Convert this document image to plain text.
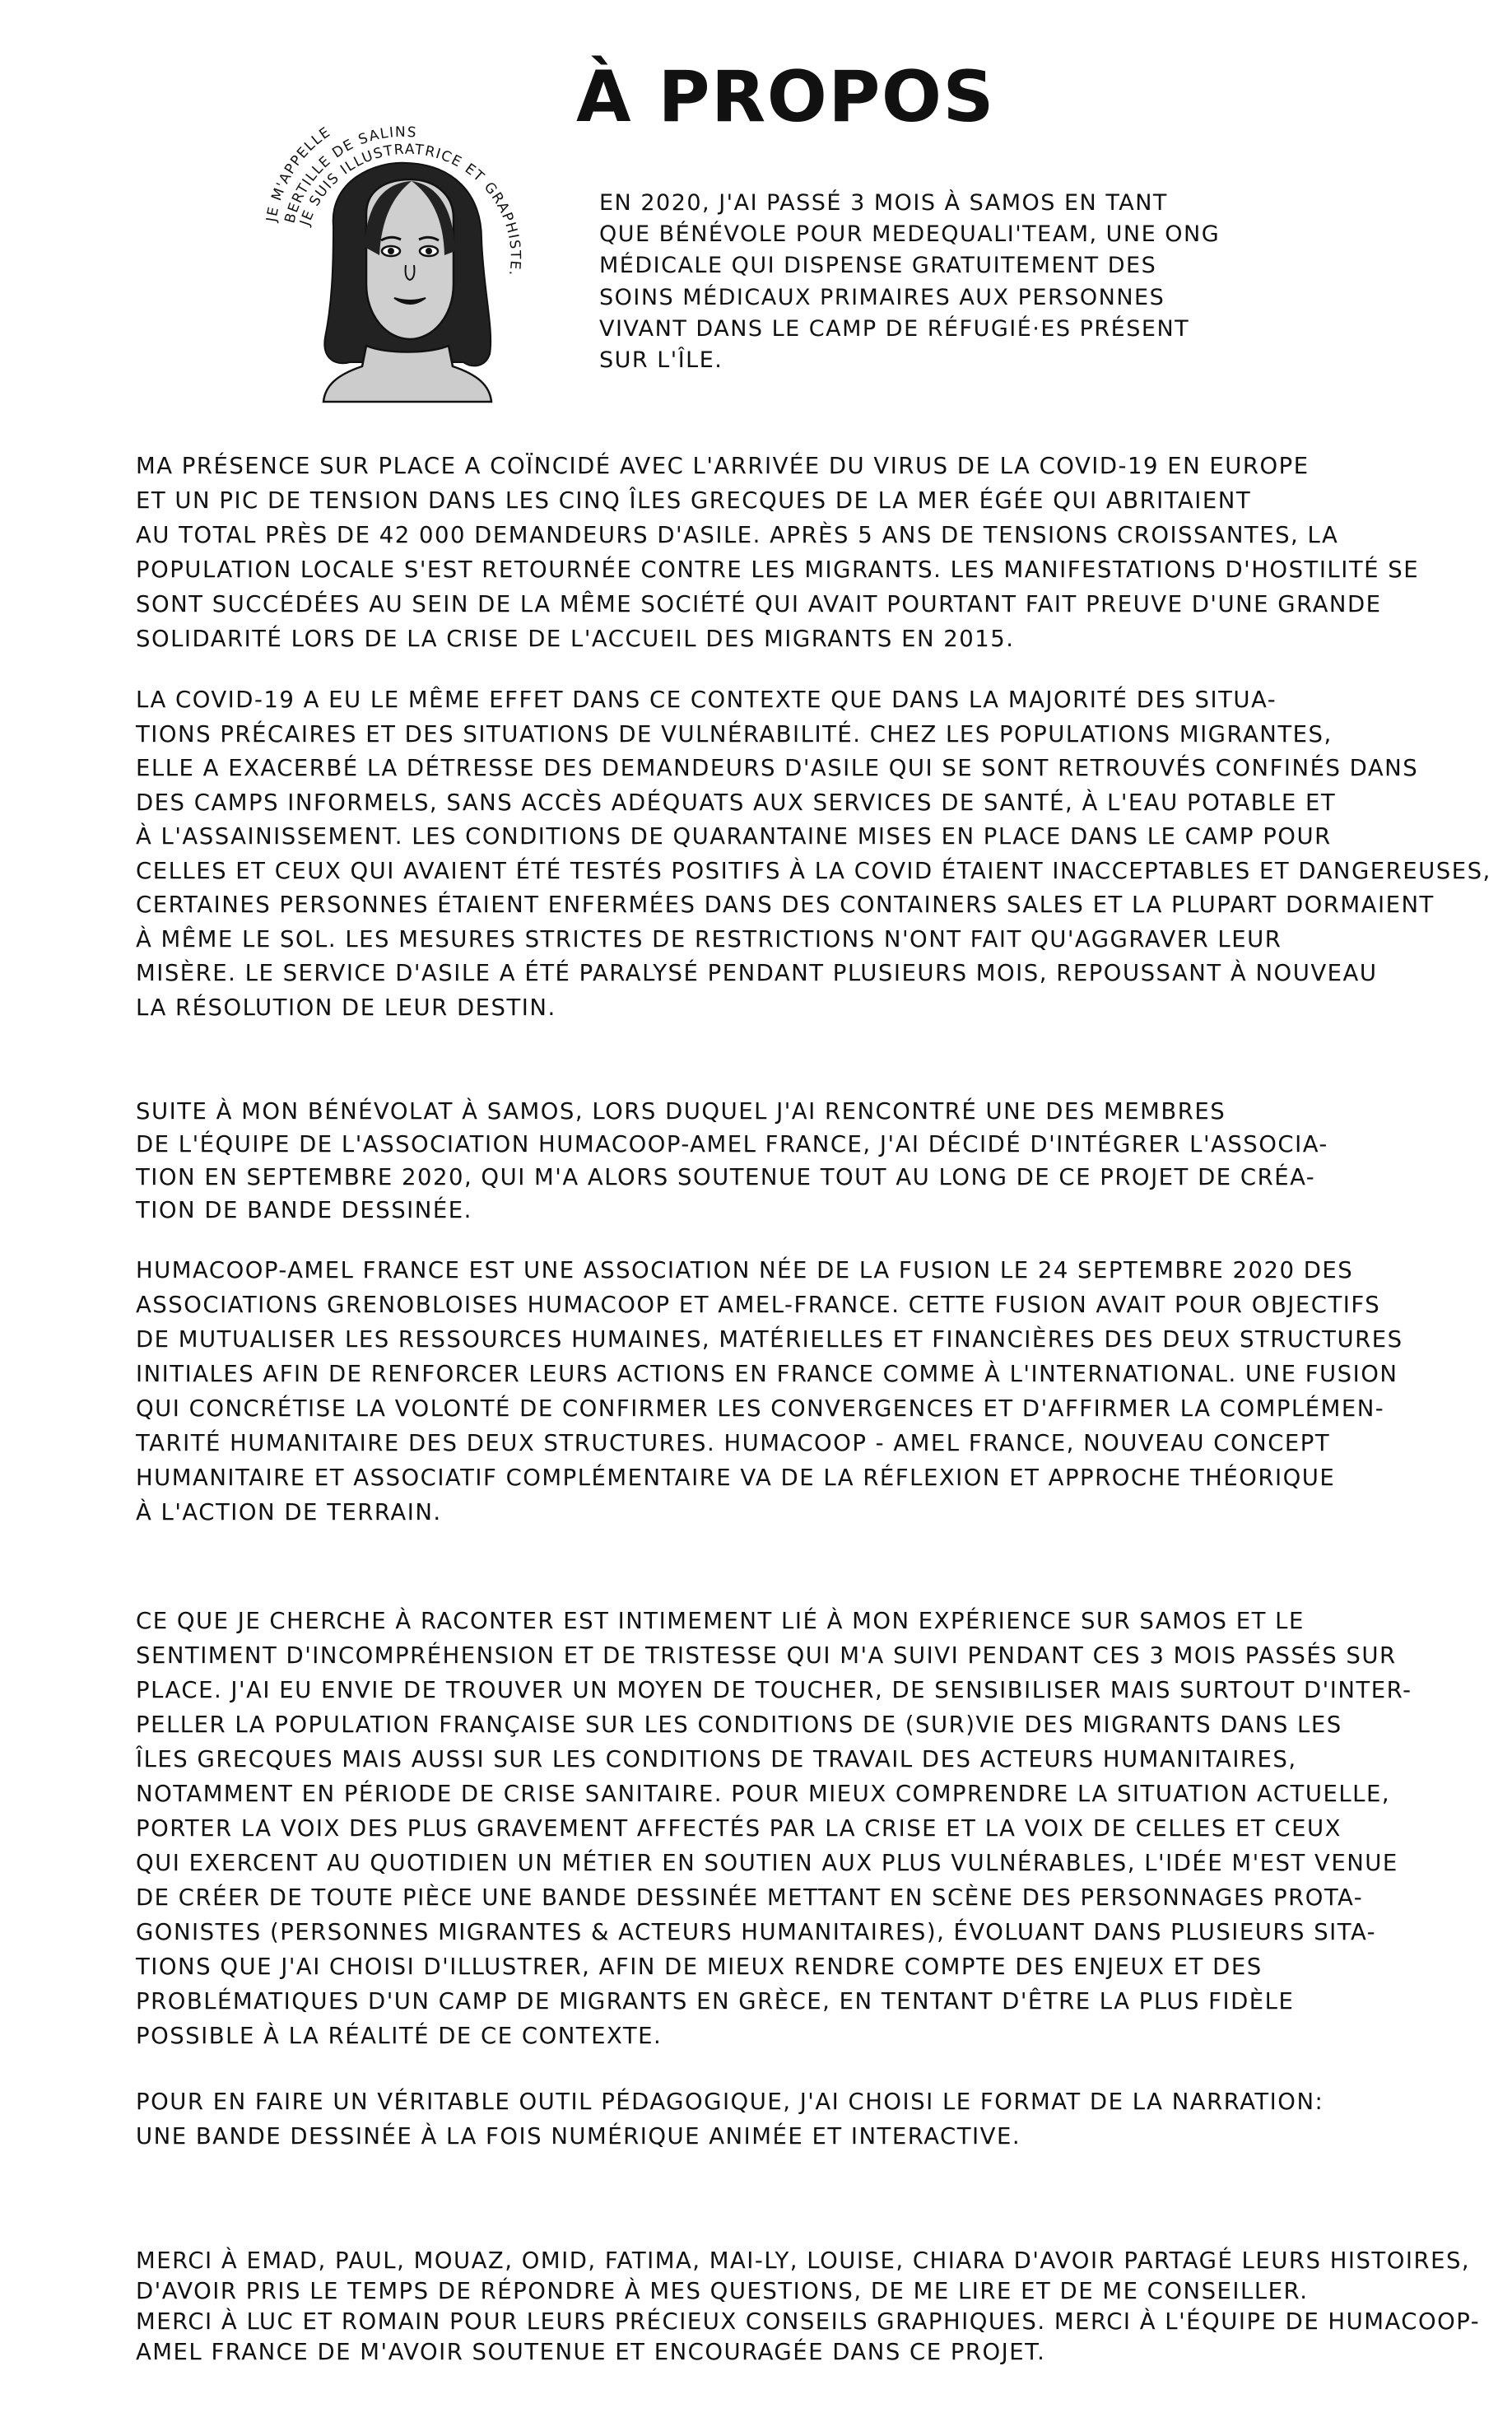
À PROPOS
JE M'APPELLE
BERTILLE DE SALINS
JE SUIS ILLUSTRATRICE ET GRAPHISTE.

EN 2020, J'AI PASSÉ 3 MOIS À SAMOS EN TANT
QUE BÉNÉVOLE POUR MEDEQUALI'TEAM, UNE ONG
MÉDICALE QUI DISPENSE GRATUITEMENT DES
SOINS MÉDICAUX PRIMAIRES AUX PERSONNES
VIVANT DANS LE CAMP DE RÉFUGIÉ·ES PRÉSENT
SUR L'ÎLE.

MA PRÉSENCE SUR PLACE A COÏNCIDÉ AVEC L'ARRIVÉE DU VIRUS DE LA COVID-19 EN EUROPE
ET UN PIC DE TENSION DANS LES CINQ ÎLES GRECQUES DE LA MER ÉGÉE QUI ABRITAIENT
AU TOTAL PRÈS DE 42 000 DEMANDEURS D'ASILE. APRÈS 5 ANS DE TENSIONS CROISSANTES, LA
POPULATION LOCALE S'EST RETOURNÉE CONTRE LES MIGRANTS. LES MANIFESTATIONS D'HOSTILITÉ SE
SONT SUCCÉDÉES AU SEIN DE LA MÊME SOCIÉTÉ QUI AVAIT POURTANT FAIT PREUVE D'UNE GRANDE
SOLIDARITÉ LORS DE LA CRISE DE L'ACCUEIL DES MIGRANTS EN 2015.

LA COVID-19 A EU LE MÊME EFFET DANS CE CONTEXTE QUE DANS LA MAJORITÉ DES SITUA-
TIONS PRÉCAIRES ET DES SITUATIONS DE VULNÉRABILITÉ. CHEZ LES POPULATIONS MIGRANTES,
ELLE A EXACERBÉ LA DÉTRESSE DES DEMANDEURS D'ASILE QUI SE SONT RETROUVÉS CONFINÉS DANS
DES CAMPS INFORMELS, SANS ACCÈS ADÉQUATS AUX SERVICES DE SANTÉ, À L'EAU POTABLE ET
À L'ASSAINISSEMENT. LES CONDITIONS DE QUARANTAINE MISES EN PLACE DANS LE CAMP POUR
CELLES ET CEUX QUI AVAIENT ÉTÉ TESTÉS POSITIFS À LA COVID ÉTAIENT INACCEPTABLES ET DANGEREUSES,
CERTAINES PERSONNES ÉTAIENT ENFERMÉES DANS DES CONTAINERS SALES ET LA PLUPART DORMAIENT
À MÊME LE SOL. LES MESURES STRICTES DE RESTRICTIONS N'ONT FAIT QU'AGGRAVER LEUR
MISÈRE. LE SERVICE D'ASILE A ÉTÉ PARALYSÉ PENDANT PLUSIEURS MOIS, REPOUSSANT À NOUVEAU
LA RÉSOLUTION DE LEUR DESTIN.

SUITE À MON BÉNÉVOLAT À SAMOS, LORS DUQUEL J'AI RENCONTRÉ UNE DES MEMBRES
DE L'ÉQUIPE DE L'ASSOCIATION HUMACOOP-AMEL FRANCE, J'AI DÉCIDÉ D'INTÉGRER L'ASSOCIA-
TION EN SEPTEMBRE 2020, QUI M'A ALORS SOUTENUE TOUT AU LONG DE CE PROJET DE CRÉA-
TION DE BANDE DESSINÉE.

HUMACOOP-AMEL FRANCE EST UNE ASSOCIATION NÉE DE LA FUSION LE 24 SEPTEMBRE 2020 DES
ASSOCIATIONS GRENOBLOISES HUMACOOP ET AMEL-FRANCE. CETTE FUSION AVAIT POUR OBJECTIFS
DE MUTUALISER LES RESSOURCES HUMAINES, MATÉRIELLES ET FINANCIÈRES DES DEUX STRUCTURES
INITIALES AFIN DE RENFORCER LEURS ACTIONS EN FRANCE COMME À L'INTERNATIONAL. UNE FUSION
QUI CONCRÉTISE LA VOLONTÉ DE CONFIRMER LES CONVERGENCES ET D'AFFIRMER LA COMPLÉMEN-
TARITÉ HUMANITAIRE DES DEUX STRUCTURES. HUMACOOP - AMEL FRANCE, NOUVEAU CONCEPT
HUMANITAIRE ET ASSOCIATIF COMPLÉMENTAIRE VA DE LA RÉFLEXION ET APPROCHE THÉORIQUE
À L'ACTION DE TERRAIN.

CE QUE JE CHERCHE À RACONTER EST INTIMEMENT LIÉ À MON EXPÉRIENCE SUR SAMOS ET LE
SENTIMENT D'INCOMPRÉHENSION ET DE TRISTESSE QUI M'A SUIVI PENDANT CES 3 MOIS PASSÉS SUR
PLACE. J'AI EU ENVIE DE TROUVER UN MOYEN DE TOUCHER, DE SENSIBILISER MAIS SURTOUT D'INTER-
PELLER LA POPULATION FRANÇAISE SUR LES CONDITIONS DE (SUR)VIE DES MIGRANTS DANS LES
ÎLES GRECQUES MAIS AUSSI SUR LES CONDITIONS DE TRAVAIL DES ACTEURS HUMANITAIRES,
NOTAMMENT EN PÉRIODE DE CRISE SANITAIRE. POUR MIEUX COMPRENDRE LA SITUATION ACTUELLE,
PORTER LA VOIX DES PLUS GRAVEMENT AFFECTÉS PAR LA CRISE ET LA VOIX DE CELLES ET CEUX
QUI EXERCENT AU QUOTIDIEN UN MÉTIER EN SOUTIEN AUX PLUS VULNÉRABLES, L'IDÉE M'EST VENUE
DE CRÉER DE TOUTE PIÈCE UNE BANDE DESSINÉE METTANT EN SCÈNE DES PERSONNAGES PROTA-
GONISTES (PERSONNES MIGRANTES & ACTEURS HUMANITAIRES), ÉVOLUANT DANS PLUSIEURS SITA-
TIONS QUE J'AI CHOISI D'ILLUSTRER, AFIN DE MIEUX RENDRE COMPTE DES ENJEUX ET DES
PROBLÉMATIQUES D'UN CAMP DE MIGRANTS EN GRÈCE, EN TENTANT D'ÊTRE LA PLUS FIDÈLE
POSSIBLE À LA RÉALITÉ DE CE CONTEXTE.

POUR EN FAIRE UN VÉRITABLE OUTIL PÉDAGOGIQUE, J'AI CHOISI LE FORMAT DE LA NARRATION:
UNE BANDE DESSINÉE À LA FOIS NUMÉRIQUE ANIMÉE ET INTERACTIVE.

MERCI À EMAD, PAUL, MOUAZ, OMID, FATIMA, MAI-LY, LOUISE, CHIARA D'AVOIR PARTAGÉ LEURS HISTOIRES,
D'AVOIR PRIS LE TEMPS DE RÉPONDRE À MES QUESTIONS, DE ME LIRE ET DE ME CONSEILLER.
MERCI À LUC ET ROMAIN POUR LEURS PRÉCIEUX CONSEILS GRAPHIQUES. MERCI À L'ÉQUIPE DE HUMACOOP-
AMEL FRANCE DE M'AVOIR SOUTENUE ET ENCOURAGÉE DANS CE PROJET.
